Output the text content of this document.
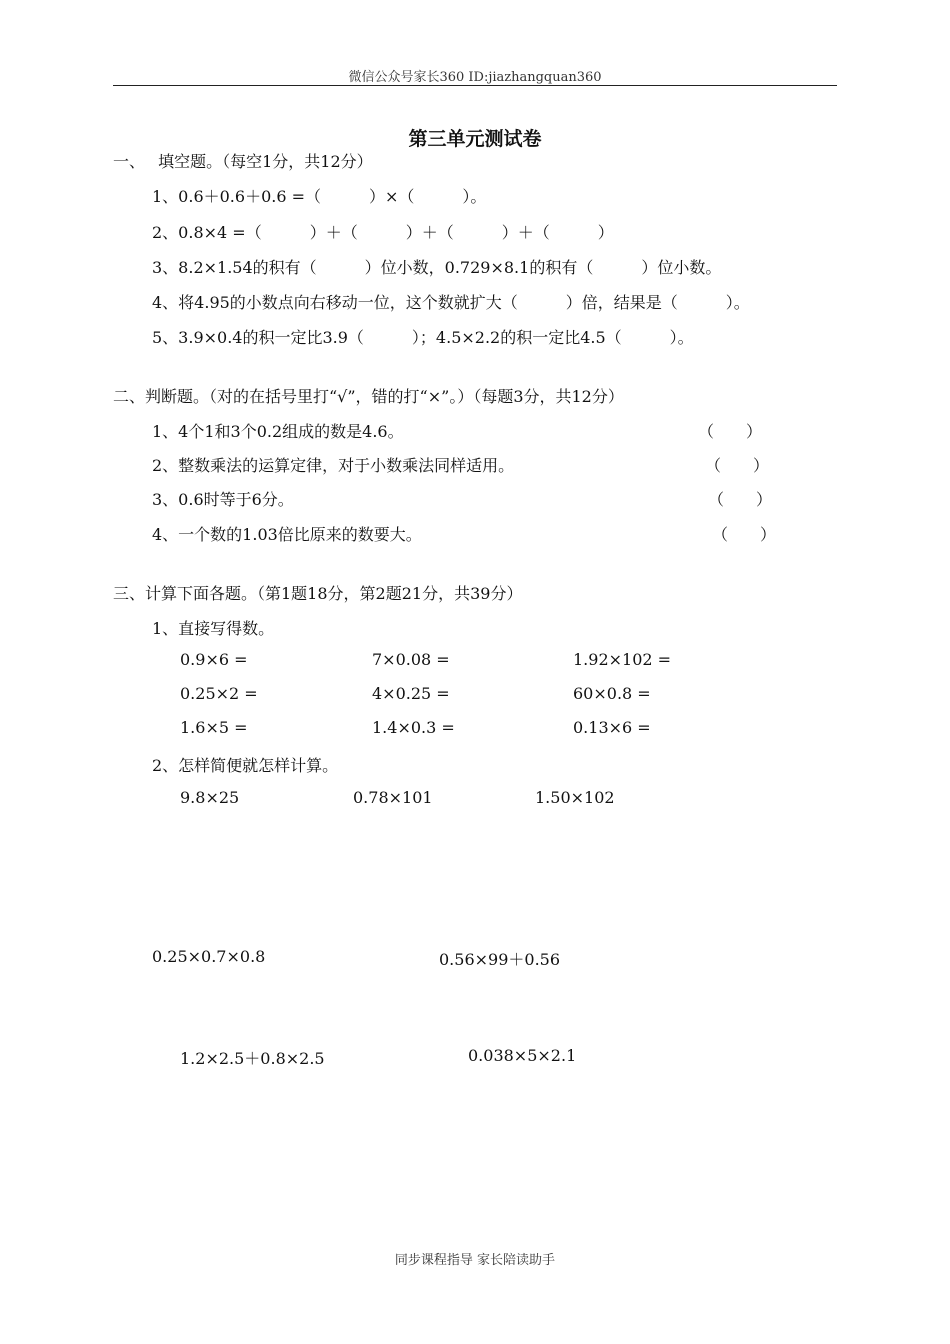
微信公众号家长360 ID:jiazhangquan360
第三单元测试卷
一、　 填空题。（每空1分，共12分）
1、0.6＋0.6＋0.6 =（　　　）×（　　　）。
2、0.8×4 =（　　　）＋（　　　）＋（　　　）＋（　　　）
3、8.2×1.54的积有（　　　）位小数，0.729×8.1的积有（　　　）位小数。
4、将4.95的小数点向右移动一位，这个数就扩大（　　　）倍，结果是（　　　）。
5、3.9×0.4的积一定比3.9（　　　）；4.5×2.2的积一定比4.5（　　　）。
二、判断题。（对的在括号里打“√”，错的打“×”。）（每题3分，共12分）
1、4个1和3个0.2组成的数是4.6。	（　　）
2、整数乘法的运算定律，对于小数乘法同样适用。	（　　）
3、0.6时等于6分。	（　　）
4、一个数的1.03倍比原来的数要大。	（　　）
三、计算下面各题。（第1题18分，第2题21分，共39分）
1、直接写得数。
0.9×6 =	7×0.08 =	1.92×102 =
0.25×2 =	4×0.25 =	60×0.8 =
1.6×5 =	1.4×0.3 =	0.13×6 =
2、怎样简便就怎样计算。
9.8×25	0.78×101	1.50×102
0.25×0.7×0.8	0.56×99＋0.56
1.2×2.5＋0.8×2.5	0.038×5×2.1
同步课程指导 家长陪读助手
